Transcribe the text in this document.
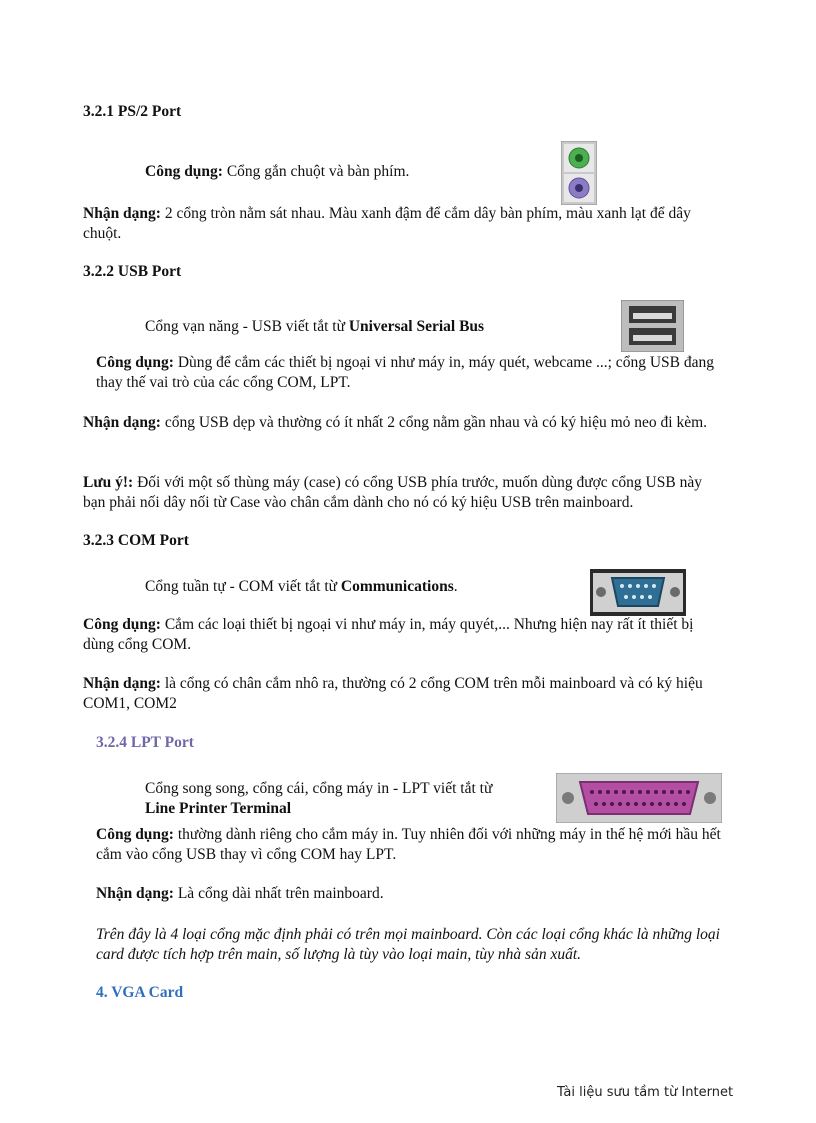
3.2.1 PS/2 Port
Công dụng: Cổng gắn chuột và bàn phím.
Nhận dạng: 2 cổng tròn nằm sát nhau. Màu xanh đậm để cắm dây bàn phím, màu xanh lạt để dây chuột.
3.2.2 USB Port
Cổng vạn năng - USB viết tắt từ Universal Serial Bus
Công dụng: Dùng để cắm các thiết bị ngoại vi như máy in, máy quét, webcame ...; cổng USB đang thay thế vai trò của các cổng COM, LPT.
Nhận dạng: cổng USB dẹp và thường có ít nhất 2 cổng nằm gần nhau và có ký hiệu mỏ neo đi kèm.
Lưu ý!: Đối với một số thùng máy (case) có cổng USB phía trước, muốn dùng được cổng USB này bạn phải nối dây nối từ Case vào chân cắm dành cho nó có ký hiệu USB trên mainboard.
3.2.3 COM Port
Cổng tuần tự - COM viết tắt từ Communications.
Công dụng: Cắm các loại thiết bị ngoại vi như máy in, máy quyét,... Nhưng hiện nay rất ít thiết bị dùng cổng COM.
Nhận dạng: là cổng có chân cắm nhô ra, thường có 2 cổng COM trên mỗi mainboard và có ký hiệu COM1, COM2
3.2.4 LPT Port
Cổng song song, cổng cái, cổng máy in - LPT viết tắt từ
Line Printer Terminal
Công dụng: thường dành riêng cho cắm máy in. Tuy nhiên đối với những máy in thế hệ mới hầu hết cắm vào cổng USB thay vì cổng COM hay LPT.
Nhận dạng: Là cổng dài nhất trên mainboard.
Trên đây là 4 loại cổng mặc định phải có trên mọi mainboard. Còn các loại cổng khác là những loại card được tích hợp trên main, số lượng là tùy vào loại main, tùy nhà sản xuất.
4. VGA Card
Tài liệu sưu tầm từ Internet
